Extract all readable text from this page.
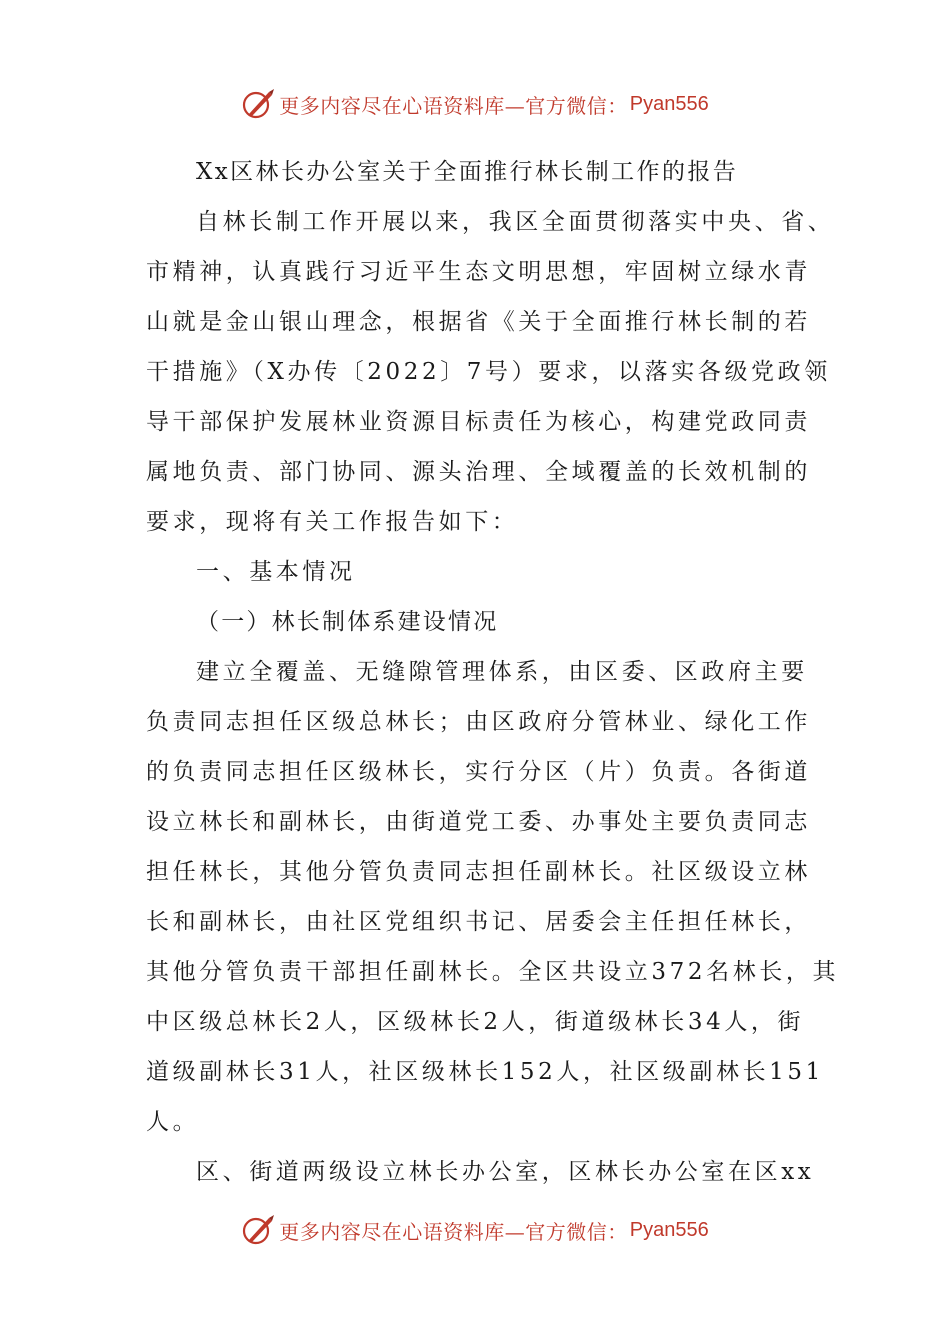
更多内容尽在心语资料库—官方微信： Pyan556
Xx区林长办公室关于全面推行林长制工作的报告
自林长制工作开展以来，我区全面贯彻落实中央、省、
市精神，认真践行习近平生态文明思想，牢固树立绿水青
山就是金山银山理念，根据省《关于全面推行林长制的若
干措施》（X办传〔2022〕7号）要求，以落实各级党政领
导干部保护发展林业资源目标责任为核心，构建党政同责
属地负责、部门协同、源头治理、全域覆盖的长效机制的
要求，现将有关工作报告如下：
一、基本情况
（一）林长制体系建设情况
建立全覆盖、无缝隙管理体系，由区委、区政府主要
负责同志担任区级总林长；由区政府分管林业、绿化工作
的负责同志担任区级林长，实行分区（片）负责。各街道
设立林长和副林长，由街道党工委、办事处主要负责同志
担任林长，其他分管负责同志担任副林长。社区级设立林
长和副林长，由社区党组织书记、居委会主任担任林长，
其他分管负责干部担任副林长。全区共设立372名林长，其
中区级总林长2人，区级林长2人，街道级林长34人，街
道级副林长31人，社区级林长152人，社区级副林长151
人。
区、街道两级设立林长办公室，区林长办公室在区xx
更多内容尽在心语资料库—官方微信： Pyan556
